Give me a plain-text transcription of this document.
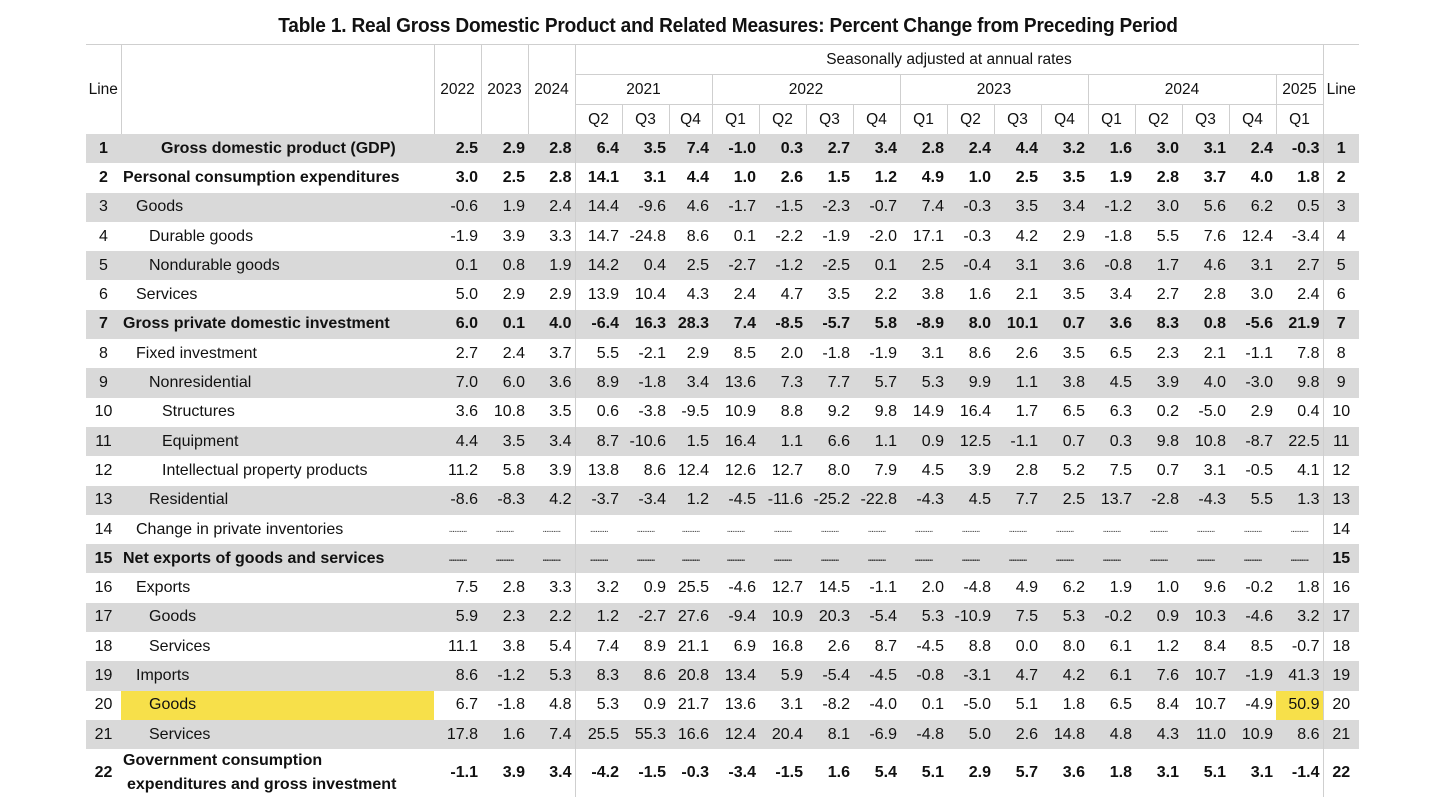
Table 1. Real Gross Domestic Product and Related Measures: Percent Change from Preceding Period
Line		2022	2023	2024	Seasonally adjusted at annual rates																Line
					2021			2022				2023				2024				2025	
					Q2	Q3	Q4	Q1	Q2	Q3	Q4	Q1	Q2	Q3	Q4	Q1	Q2	Q3	Q4	Q1	
1	Gross domestic product (GDP)	2.5	2.9	2.8	6.4	3.5	7.4	-1.0	0.3	2.7	3.4	2.8	2.4	4.4	3.2	1.6	3.0	3.1	2.4	-0.3	1
2	Personal consumption expenditures	3.0	2.5	2.8	14.1	3.1	4.4	1.0	2.6	1.5	1.2	4.9	1.0	2.5	3.5	1.9	2.8	3.7	4.0	1.8	2
3	Goods	-0.6	1.9	2.4	14.4	-9.6	4.6	-1.7	-1.5	-2.3	-0.7	7.4	-0.3	3.5	3.4	-1.2	3.0	5.6	6.2	0.5	3
4	Durable goods	-1.9	3.9	3.3	14.7	-24.8	8.6	0.1	-2.2	-1.9	-2.0	17.1	-0.3	4.2	2.9	-1.8	5.5	7.6	12.4	-3.4	4
5	Nondurable goods	0.1	0.8	1.9	14.2	0.4	2.5	-2.7	-1.2	-2.5	0.1	2.5	-0.4	3.1	3.6	-0.8	1.7	4.6	3.1	2.7	5
6	Services	5.0	2.9	2.9	13.9	10.4	4.3	2.4	4.7	3.5	2.2	3.8	1.6	2.1	3.5	3.4	2.7	2.8	3.0	2.4	6
7	Gross private domestic investment	6.0	0.1	4.0	-6.4	16.3	28.3	7.4	-8.5	-5.7	5.8	-8.9	8.0	10.1	0.7	3.6	8.3	0.8	-5.6	21.9	7
8	Fixed investment	2.7	2.4	3.7	5.5	-2.1	2.9	8.5	2.0	-1.8	-1.9	3.1	8.6	2.6	3.5	6.5	2.3	2.1	-1.1	7.8	8
9	Nonresidential	7.0	6.0	3.6	8.9	-1.8	3.4	13.6	7.3	7.7	5.7	5.3	9.9	1.1	3.8	4.5	3.9	4.0	-3.0	9.8	9
10	Structures	3.6	10.8	3.5	0.6	-3.8	-9.5	10.9	8.8	9.2	9.8	14.9	16.4	1.7	6.5	6.3	0.2	-5.0	2.9	0.4	10
11	Equipment	4.4	3.5	3.4	8.7	-10.6	1.5	16.4	1.1	6.6	1.1	0.9	12.5	-1.1	0.7	0.3	9.8	10.8	-8.7	22.5	11
12	Intellectual property products	11.2	5.8	3.9	13.8	8.6	12.4	12.6	12.7	8.0	7.9	4.5	3.9	2.8	5.2	7.5	0.7	3.1	-0.5	4.1	12
13	Residential	-8.6	-8.3	4.2	-3.7	-3.4	1.2	-4.5	-11.6	-25.2	-22.8	-4.3	4.5	7.7	2.5	13.7	-2.8	-4.3	5.5	1.3	13
14	Change in private inventories	..........	..........	..........	..........	..........	..........	..........	..........	..........	..........	..........	..........	..........	..........	..........	..........	..........	..........	..........	14
15	Net exports of goods and services	..........	..........	..........	..........	..........	..........	..........	..........	..........	..........	..........	..........	..........	..........	..........	..........	..........	..........	..........	15
16	Exports	7.5	2.8	3.3	3.2	0.9	25.5	-4.6	12.7	14.5	-1.1	2.0	-4.8	4.9	6.2	1.9	1.0	9.6	-0.2	1.8	16
17	Goods	5.9	2.3	2.2	1.2	-2.7	27.6	-9.4	10.9	20.3	-5.4	5.3	-10.9	7.5	5.3	-0.2	0.9	10.3	-4.6	3.2	17
18	Services	11.1	3.8	5.4	7.4	8.9	21.1	6.9	16.8	2.6	8.7	-4.5	8.8	0.0	8.0	6.1	1.2	8.4	8.5	-0.7	18
19	Imports	8.6	-1.2	5.3	8.3	8.6	20.8	13.4	5.9	-5.4	-4.5	-0.8	-3.1	4.7	4.2	6.1	7.6	10.7	-1.9	41.3	19
20	Goods	6.7	-1.8	4.8	5.3	0.9	21.7	13.6	3.1	-8.2	-4.0	0.1	-5.0	5.1	1.8	6.5	8.4	10.7	-4.9	50.9	20
21	Services	17.8	1.6	7.4	25.5	55.3	16.6	12.4	20.4	8.1	-6.9	-4.8	5.0	2.6	14.8	4.8	4.3	11.0	10.9	8.6	21
22	Government consumption
expenditures and gross investment	-1.1	3.9	3.4	-4.2	-1.5	-0.3	-3.4	-1.5	1.6	5.4	5.1	2.9	5.7	3.6	1.8	3.1	5.1	3.1	-1.4	22
